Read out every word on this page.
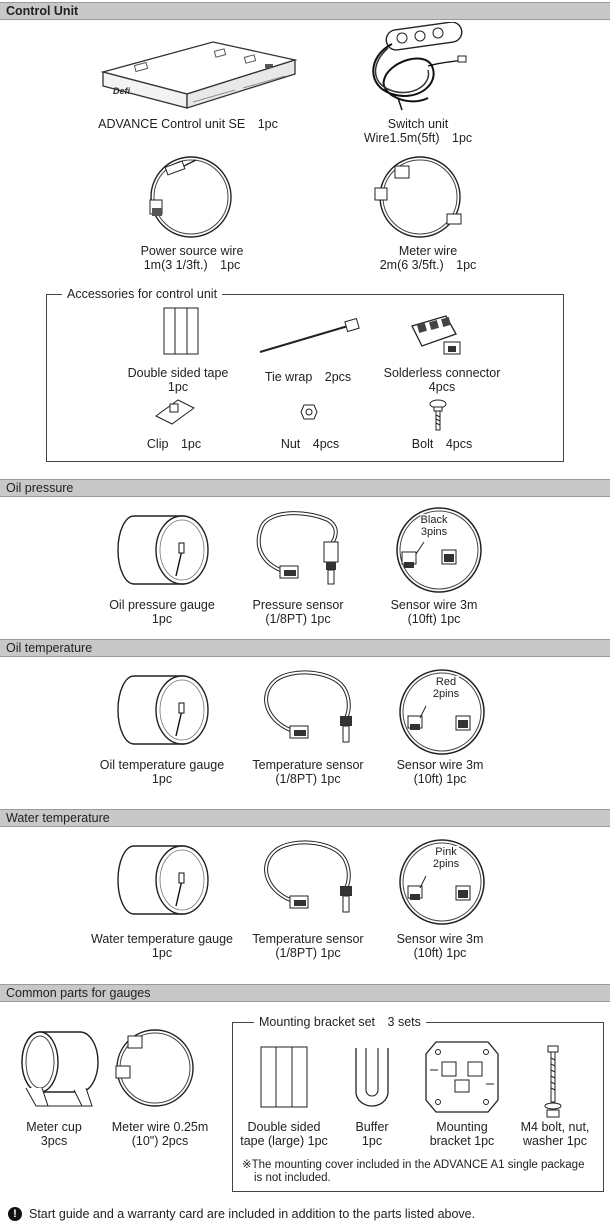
Control Unit
Defi
ADVANCE Control unit SE　1pc	Switch unit
Wire1.5m(5ft)　1pc
Power source wire
1m(3 1/3ft.)　1pc
Meter wire
2m(6 3/5ft.)　1pc
Accessories for control unit
Double sided tape
1pc
Tie wrap　2pcs	Solderless connector
4pcs
Clip　1pc	Nut　4pcs	Bolt　4pcs
Oil pressure
Oil pressure gauge
1pc
Pressure sensor
(1/8PT) 1pc
Black
3pins
Sensor wire 3m
(10ft) 1pc
Oil temperature
Oil temperature gauge
1pc
Temperature sensor
(1/8PT) 1pc
Red
2pins
Sensor wire 3m
(10ft) 1pc
Water temperature
Water temperature gauge
1pc
Temperature sensor
(1/8PT) 1pc
Pink
2pins
Sensor wire 3m
(10ft) 1pc
Common parts for gauges
Meter cup
3pcs
Meter wire 0.25m
(10") 2pcs
Mounting bracket set　3 sets
Double sided
tape (large) 1pc
Buffer
1pc
Mounting
bracket 1pc
M4 bolt, nut,
washer 1pc
※The mounting cover included in the ADVANCE A1 single package
is not included.
! Start guide and a warranty card are included in addition to the parts listed above.
